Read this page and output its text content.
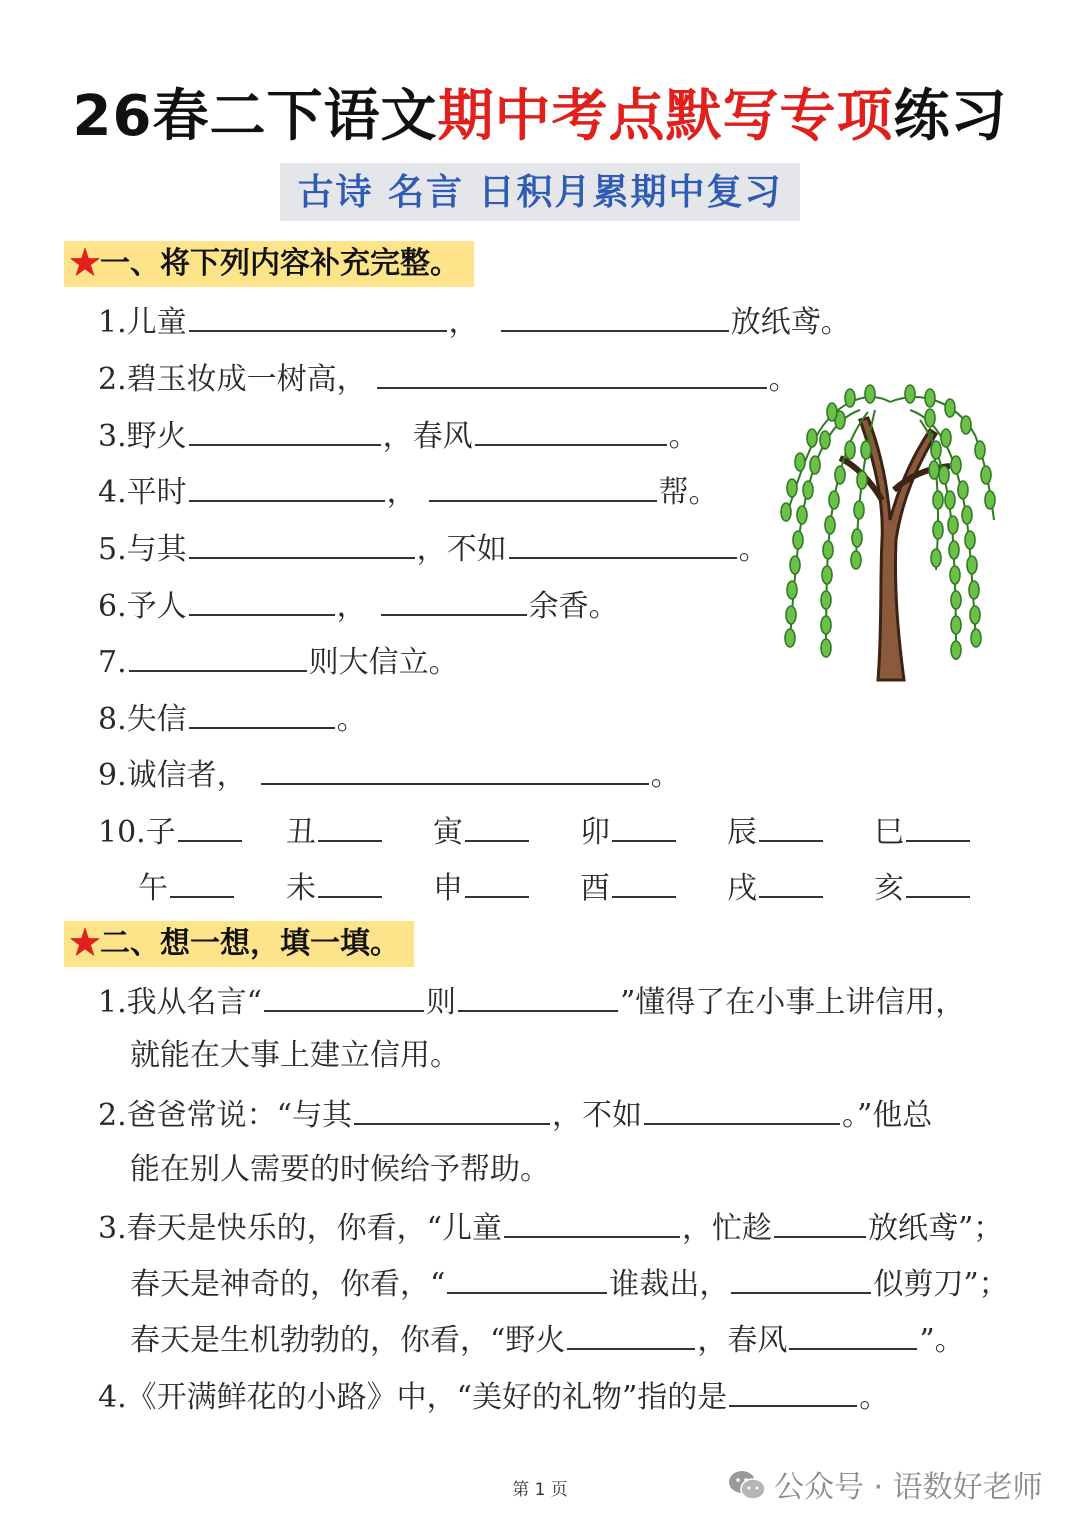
26春二下语文期中考点默写专项练习
古诗 名言 日积月累期中复习
★一、将下列内容补充完整。
1.儿童	，	放纸鸢。
2.碧玉妆成一树高，	。
3.野火	，春风	。
4.平时	，	帮。
5.与其	，不如	。
6.予人	，	余香。
7.	则大信立。
8.失信	。
9.诚信者，	。
10.子	丑	寅	卯	辰	巳
午	未	申	酉	戌	亥
★二、想一想，填一填。
1.我从名言“	则	”懂得了在小事上讲信用，
就能在大事上建立信用。
2.爸爸常说：“与其	，不如	。”他总
能在别人需要的时候给予帮助。
3.春天是快乐的，你看，“儿童	，忙趁	放纸鸢”；
春天是神奇的，你看，“	谁裁出，	似剪刀”；
春天是生机勃勃的，你看，“野火	，春风	”。
4.《开满鲜花的小路》中，“美好的礼物”指的是	。
第 1 页	公众号 · 语数好老师
